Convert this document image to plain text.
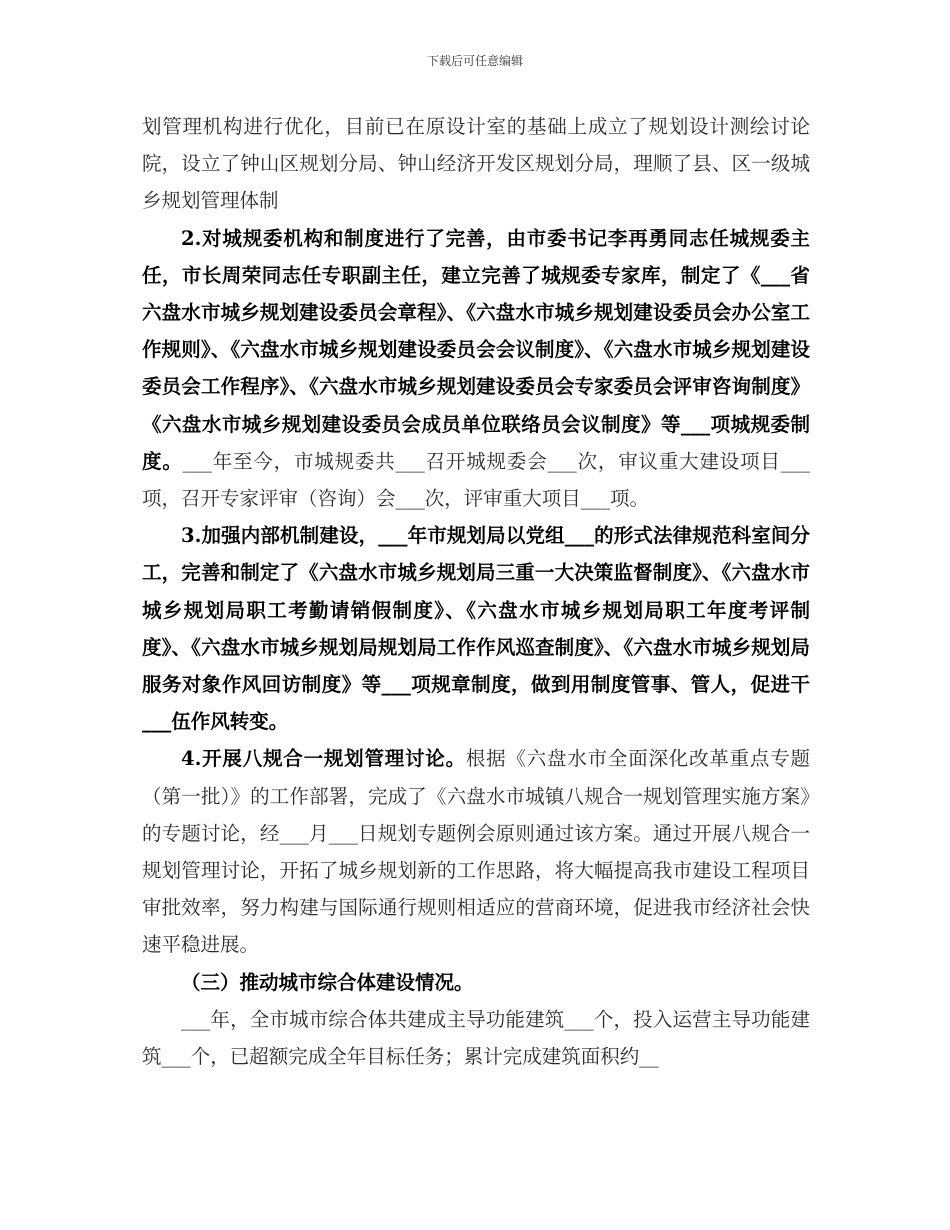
下载后可任意编辑

划管理机构进行优化，目前已在原设计室的基础上成立了规划设计测绘讨论院，设立了钟山区规划分局、钟山经济开发区规划分局，理顺了县、区一级城乡规划管理体制

2.对城规委机构和制度进行了完善，由市委书记李再勇同志任城规委主任，市长周荣同志任专职副主任，建立完善了城规委专家库，制定了《___省六盘水市城乡规划建设委员会章程》、《六盘水市城乡规划建设委员会办公室工作规则》、《六盘水市城乡规划建设委员会会议制度》、《六盘水市城乡规划建设委员会工作程序》、《六盘水市城乡规划建设委员会专家委员会评审咨询制度》《六盘水市城乡规划建设委员会成员单位联络员会议制度》等___项城规委制度。___年至今，市城规委共___召开城规委会___次，审议重大建设项目___项，召开专家评审（咨询）会___次，评审重大项目___项。

3.加强内部机制建设，___年市规划局以党组___的形式法律规范科室间分工，完善和制定了《六盘水市城乡规划局三重一大决策监督制度》、《六盘水市城乡规划局职工考勤请销假制度》、《六盘水市城乡规划局职工年度考评制度》、《六盘水市城乡规划局规划局工作作风巡查制度》、《六盘水市城乡规划局服务对象作风回访制度》等___项规章制度，做到用制度管事、管人，促进干___伍作风转变。

4.开展八规合一规划管理讨论。根据《六盘水市全面深化改革重点专题（第一批）》的工作部署，完成了《六盘水市城镇八规合一规划管理实施方案》的专题讨论，经___月___日规划专题例会原则通过该方案。通过开展八规合一规划管理讨论，开拓了城乡规划新的工作思路，将大幅提高我市建设工程项目审批效率，努力构建与国际通行规则相适应的营商环境，促进我市经济社会快速平稳进展。

（三）推动城市综合体建设情况。

___年，全市城市综合体共建成主导功能建筑___个，投入运营主导功能建筑___个，已超额完成全年目标任务；累计完成建筑面积约__
